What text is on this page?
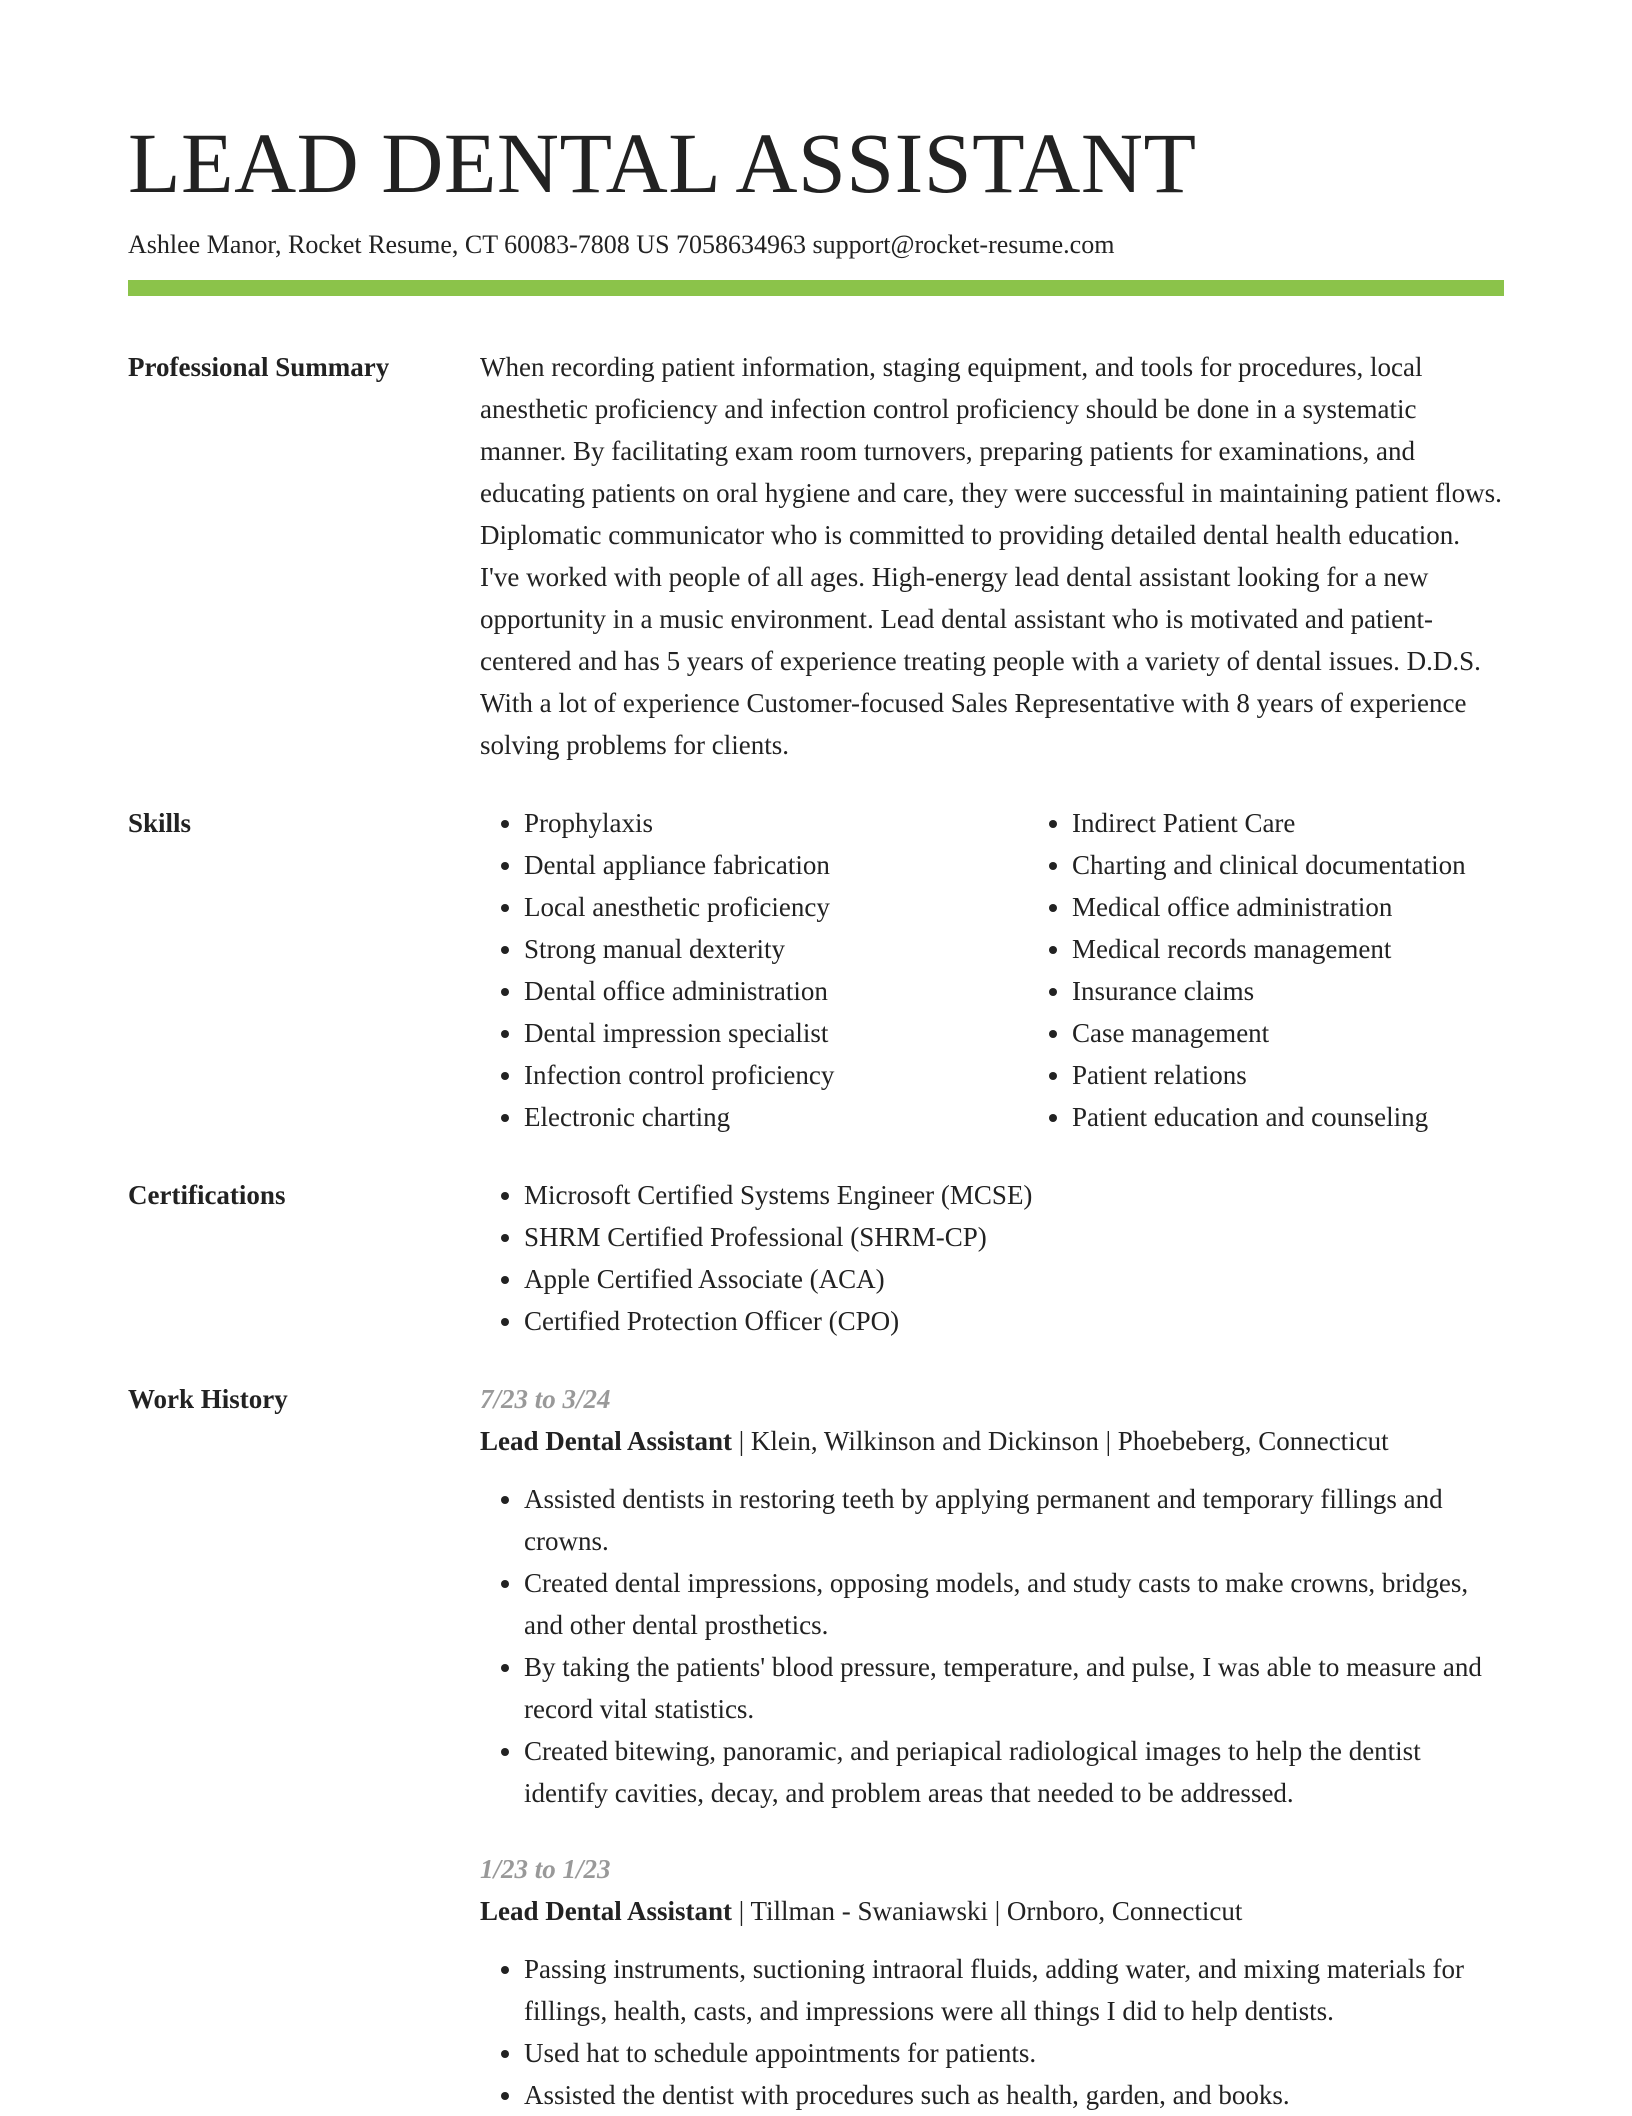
LEAD DENTAL ASSISTANT
Ashlee Manor, Rocket Resume, CT 60083-7808 US 7058634963 support@rocket-resume.com
Professional Summary	When recording patient information, staging equipment, and tools for procedures, local anesthetic proficiency and infection control proficiency should be done in a systematic manner. By facilitating exam room turnovers, preparing patients for examinations, and educating patients on oral hygiene and care, they were successful in maintaining patient flows. Diplomatic communicator who is committed to providing detailed dental health education. I've worked with people of all ages. High-energy lead dental assistant looking for a new opportunity in a music environment. Lead dental assistant who is motivated and patient-centered and has 5 years of experience treating people with a variety of dental issues. D.D.S. With a lot of experience Customer-focused Sales Representative with 8 years of experience solving problems for clients.

Skills	• Prophylaxis
• Dental appliance fabrication
• Local anesthetic proficiency
• Strong manual dexterity
• Dental office administration
• Dental impression specialist
• Infection control proficiency
• Electronic charting
• Indirect Patient Care
• Charting and clinical documentation
• Medical office administration
• Medical records management
• Insurance claims
• Case management
• Patient relations
• Patient education and counseling
Certifications	• Microsoft Certified Systems Engineer (MCSE)
• SHRM Certified Professional (SHRM-CP)
• Apple Certified Associate (ACA)
• Certified Protection Officer (CPO)
Work History	7/23 to 3/24
Lead Dental Assistant | Klein, Wilkinson and Dickinson | Phoebeberg, Connecticut
• Assisted dentists in restoring teeth by applying permanent and temporary fillings and crowns.
• Created dental impressions, opposing models, and study casts to make crowns, bridges, and other dental prosthetics.
• By taking the patients' blood pressure, temperature, and pulse, I was able to measure and record vital statistics.
• Created bitewing, panoramic, and periapical radiological images to help the dentist identify cavities, decay, and problem areas that needed to be addressed.
1/23 to 1/23
Lead Dental Assistant | Tillman - Swaniawski | Ornboro, Connecticut
• Passing instruments, suctioning intraoral fluids, adding water, and mixing materials for fillings, health, casts, and impressions were all things I did to help dentists.
• Used hat to schedule appointments for patients.
• Assisted the dentist with procedures such as health, garden, and books.
